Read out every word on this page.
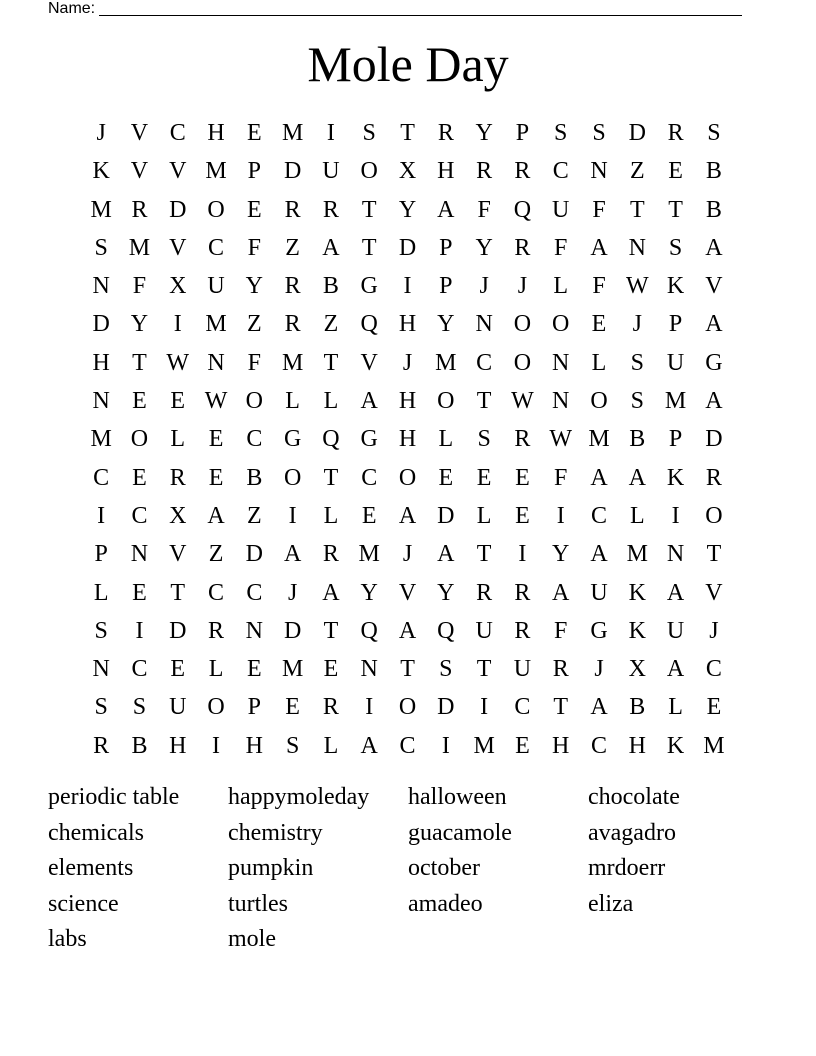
Name:
Mole Day
J	V C H E M I	S	T R Y P	S	S D R S
K V V M P D U O X H R R C N Z E B
M R D O E R R T Y A F Q U F	T T B
S M V C F	Z A T D P Y R F A N S A
N F X U Y R B G	I	P	J	J	L	F W K V
D Y	I M Z R Z Q H Y N O O E	J	P A
H T W N F M T V	J M C O N L	S U G
N E E W O L L A H O T W N O S M A
M O L E C G Q G H L	S R W M B P D
C E R E B O T C O E E E	F A A K R
I	C X A Z	I	L E A D L E	I	C L	I	O
P N V Z D A R M J	A T	I	Y A M N T
L E T C C	J	A Y V Y R R A U K A V
S	I	D R N D T Q A Q U R F G K U	J
N C E L E M E N T	S	T U R	J	X A C
S	S U O P	E R	I	O D	I	C T A B L E
R B H	I	H S	L A C	I M E H C H K M
periodic table
chemicals
elements
science
labs
happymoleday
chemistry
pumpkin
turtles
mole
halloween
guacamole
october
amadeo
chocolate
avagadro
mrdoerr
eliza
